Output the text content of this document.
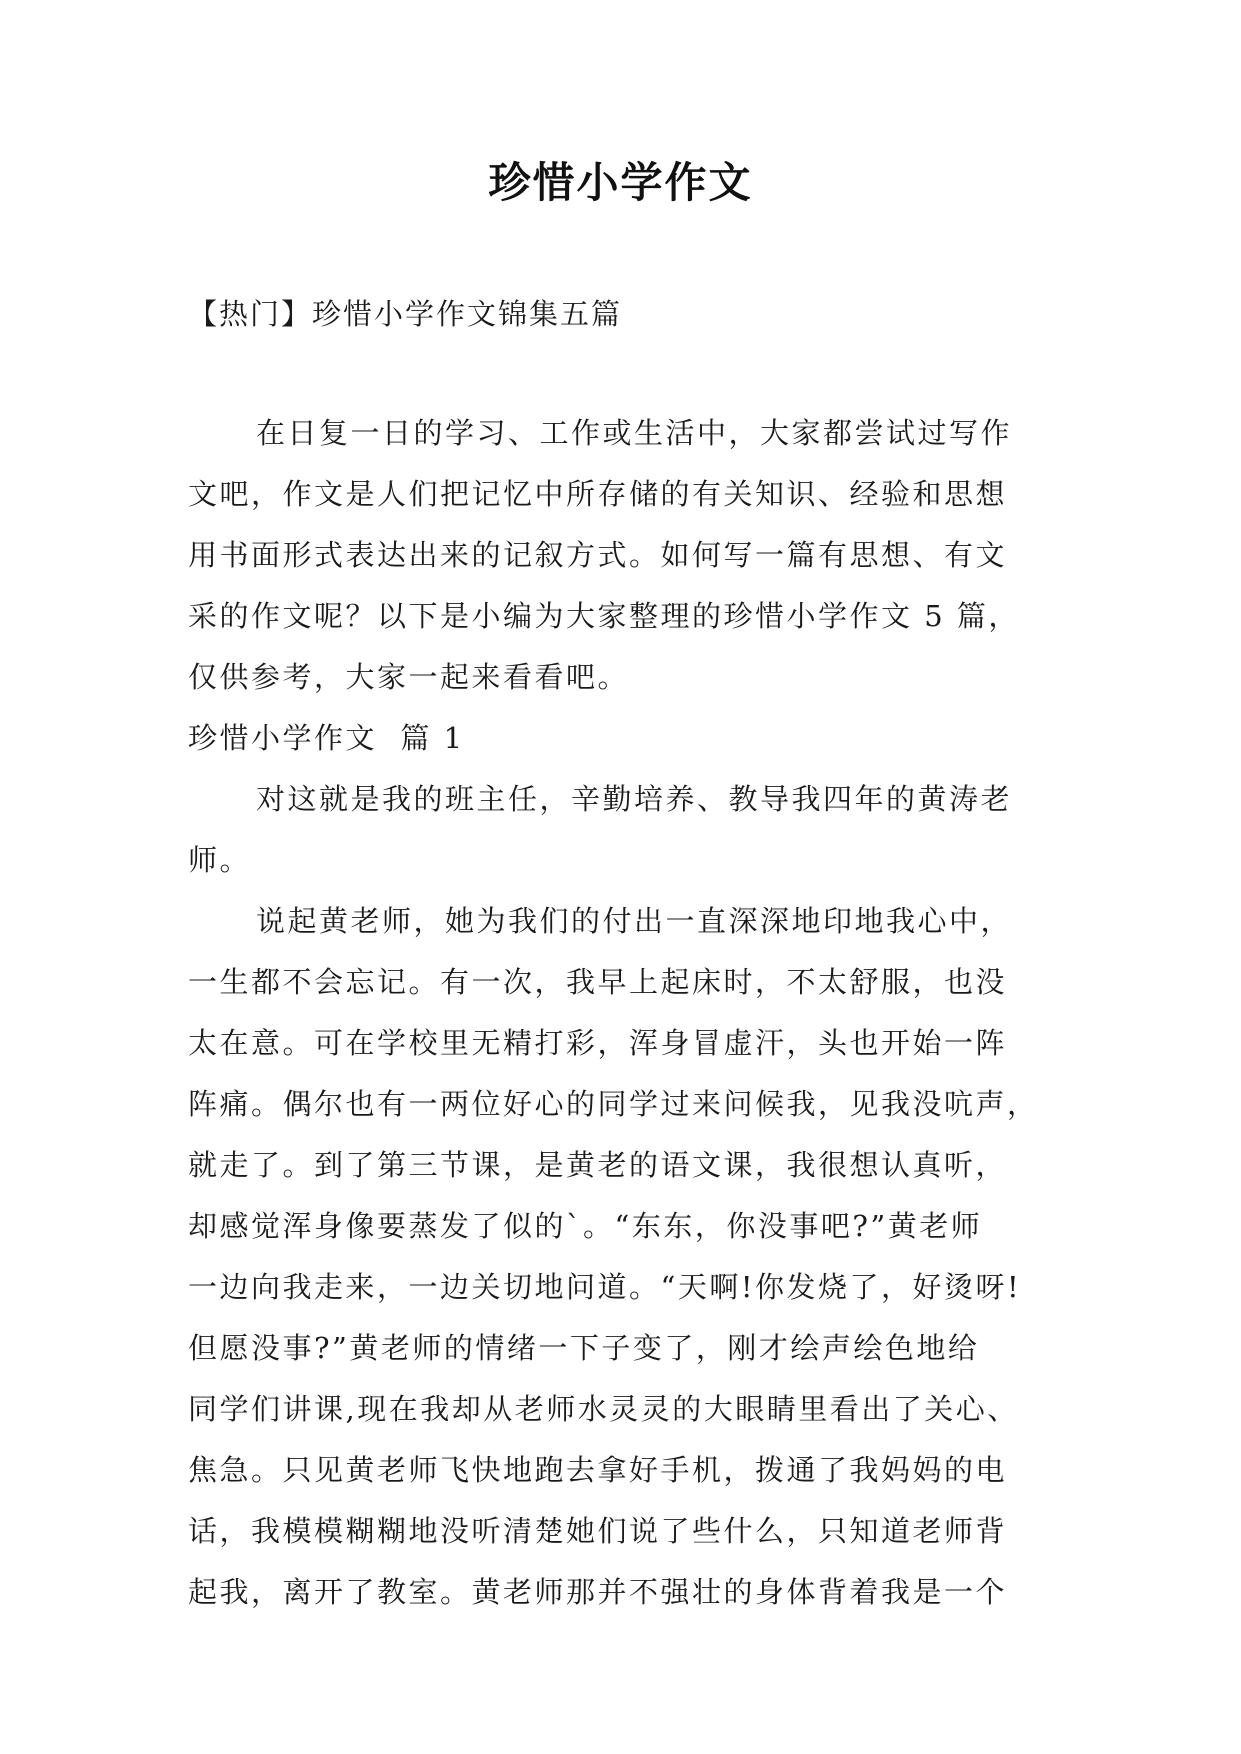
珍惜小学作文

【热门】珍惜小学作文锦集五篇

在日复一日的学习、工作或生活中，大家都尝试过写作
文吧，作文是人们把记忆中所存储的有关知识、经验和思想
用书面形式表达出来的记叙方式。如何写一篇有思想、有文
采的作文呢？以下是小编为大家整理的珍惜小学作文 5 篇，
仅供参考，大家一起来看看吧。
珍惜小学作文  篇 1
对这就是我的班主任，辛勤培养、教导我四年的黄涛老
师。
说起黄老师，她为我们的付出一直深深地印地我心中，
一生都不会忘记。有一次，我早上起床时，不太舒服，也没
太在意。可在学校里无精打彩，浑身冒虚汗，头也开始一阵
阵痛。偶尔也有一两位好心的同学过来问候我，见我没吭声，
就走了。到了第三节课，是黄老的语文课，我很想认真听，
却感觉浑身像要蒸发了似的`。“东东，你没事吧?”黄老师
一边向我走来，一边关切地问道。“天啊!你发烧了，好烫呀!
但愿没事?”黄老师的情绪一下子变了，刚才绘声绘色地给
同学们讲课,现在我却从老师水灵灵的大眼睛里看出了关心、
焦急。只见黄老师飞快地跑去拿好手机，拨通了我妈妈的电
话，我模模糊糊地没听清楚她们说了些什么，只知道老师背
起我，离开了教室。黄老师那并不强壮的身体背着我是一个
